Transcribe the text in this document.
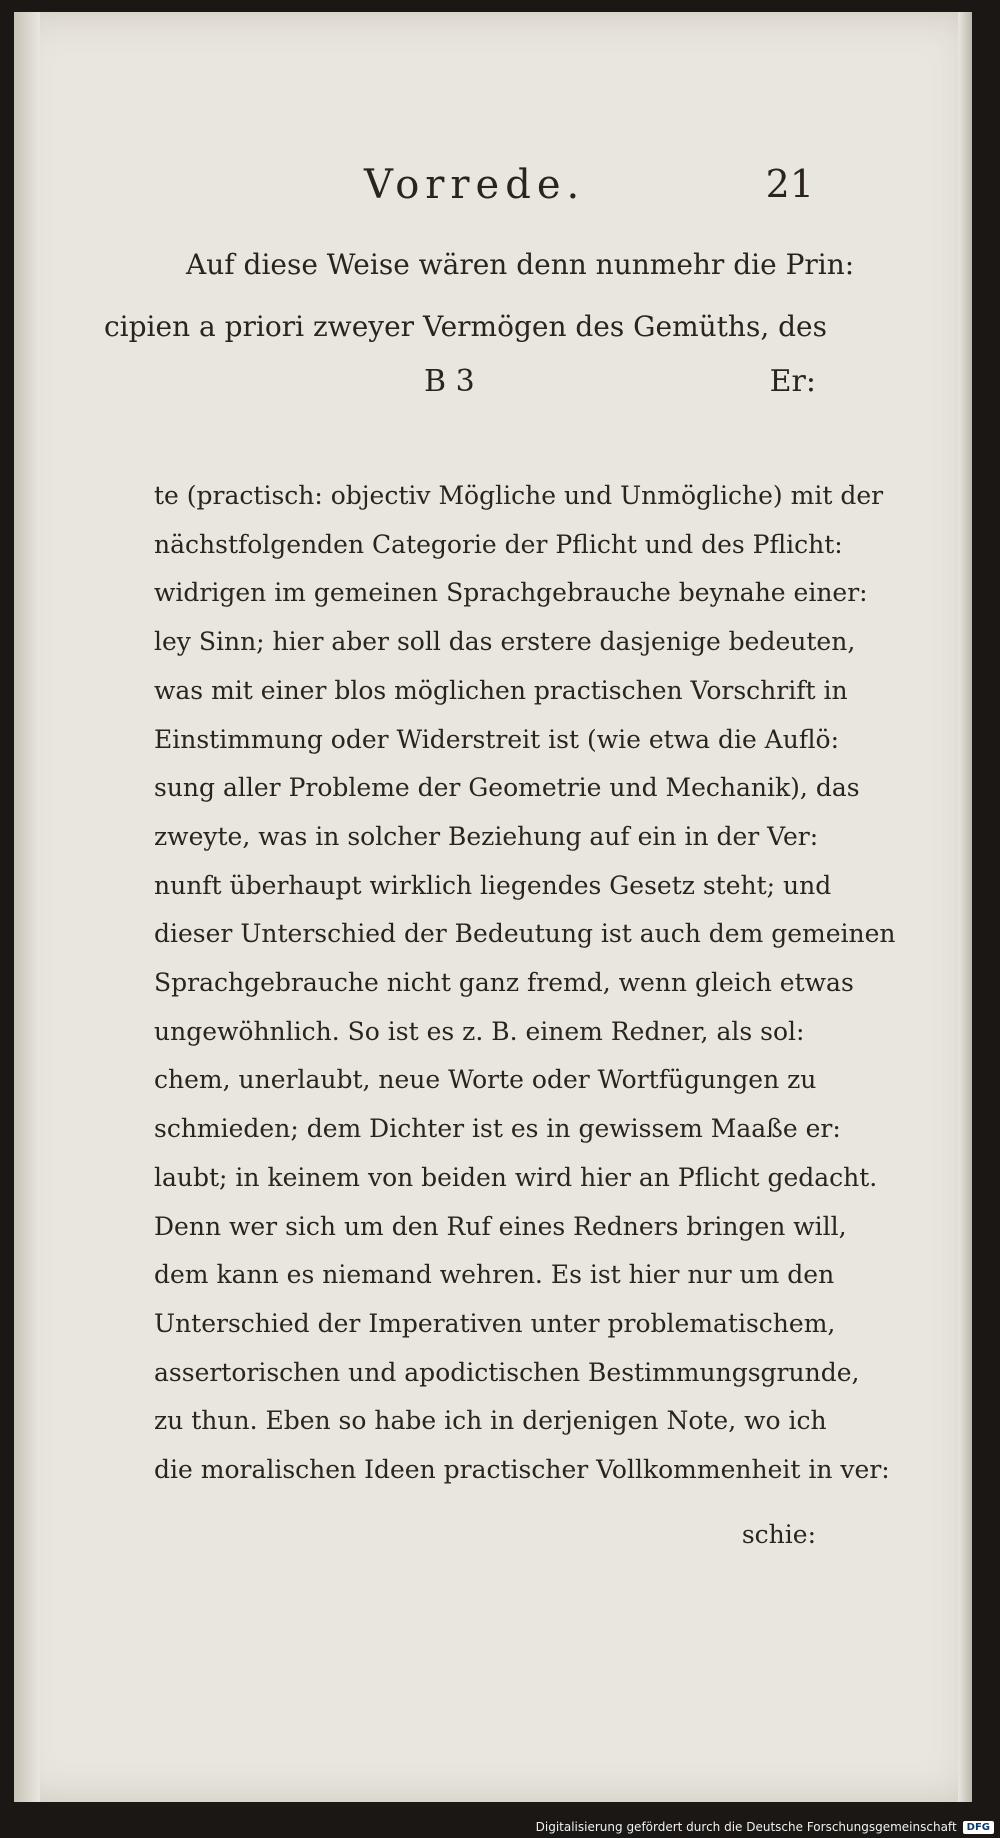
Vorrede.	21
Auf diese Weise wären denn nunmehr die Prin:
cipien a priori zweyer Vermögen des Gemüths, des
B 3	Er:
te (practisch: objectiv Mögliche und Unmögliche) mit der
nächstfolgenden Categorie der Pflicht und des Pflicht:
widrigen im gemeinen Sprachgebrauche beynahe einer:
ley Sinn; hier aber soll das erstere dasjenige bedeuten,
was mit einer blos möglichen practischen Vorschrift in
Einstimmung oder Widerstreit ist (wie etwa die Auflö:
sung aller Probleme der Geometrie und Mechanik), das
zweyte, was in solcher Beziehung auf ein in der Ver:
nunft überhaupt wirklich liegendes Gesetz steht; und
dieser Unterschied der Bedeutung ist auch dem gemeinen
Sprachgebrauche nicht ganz fremd, wenn gleich etwas
ungewöhnlich. So ist es z. B. einem Redner, als sol:
chem, unerlaubt, neue Worte oder Wortfügungen zu
schmieden; dem Dichter ist es in gewissem Maaße er:
laubt; in keinem von beiden wird hier an Pflicht gedacht.
Denn wer sich um den Ruf eines Redners bringen will,
dem kann es niemand wehren. Es ist hier nur um den
Unterschied der Imperativen unter problematischem,
assertorischen und apodictischen Bestimmungsgrunde,
zu thun. Eben so habe ich in derjenigen Note, wo ich
die moralischen Ideen practischer Vollkommenheit in ver:
schie:
Digitalisierung gefördert durch die Deutsche Forschungsgemeinschaft	DFG
